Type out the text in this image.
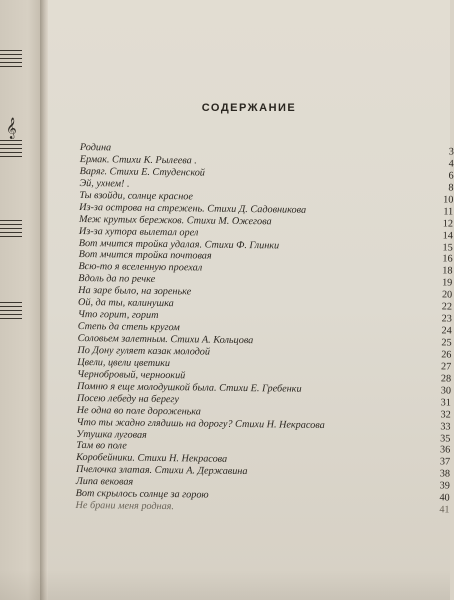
𝄞
СОДЕРЖАНИЕ
Родина	3
Ермак. Стихи К. Рылеева .	4
Варяг. Стихи Е. Студенской	6
Эй, ухнем! .	8
Ты взойди, солнце красное	10
Из-за острова на стрежень. Стихи Д. Садовникова	11
Меж крутых бережков. Стихи М. Ожегова	12
Из-за хутора вылетал орел	14
Вот мчится тройка удалая. Стихи Ф. Глинки	15
Вот мчится тройка почтовая	16
Всю-то я вселенную проехал	18
Вдоль да по речке	19
На заре было, на зореньке	20
Ой, да ты, калинушка	22
Что горит, горит	23
Степь да степь кругом	24
Соловьем залетным. Стихи А. Кольцова	25
По Дону гуляет казак молодой	26
Цвели, цвели цветики	27
Чернобровый, черноокий	28
Помню я еще молодушкой была. Стихи Е. Гребенки	30
Посею лебеду на берегу	31
Не одна во поле дороженька	32
Что ты жадно глядишь на дорогу? Стихи Н. Некрасова	33
Утушка луговая	35
Там во поле	36
Коробейники. Стихи Н. Некрасова	37
Пчелочка златая. Стихи А. Державина	38
Липа вековая	39
Вот скрылось солнце за горою	40
Не брани меня родная.	41
